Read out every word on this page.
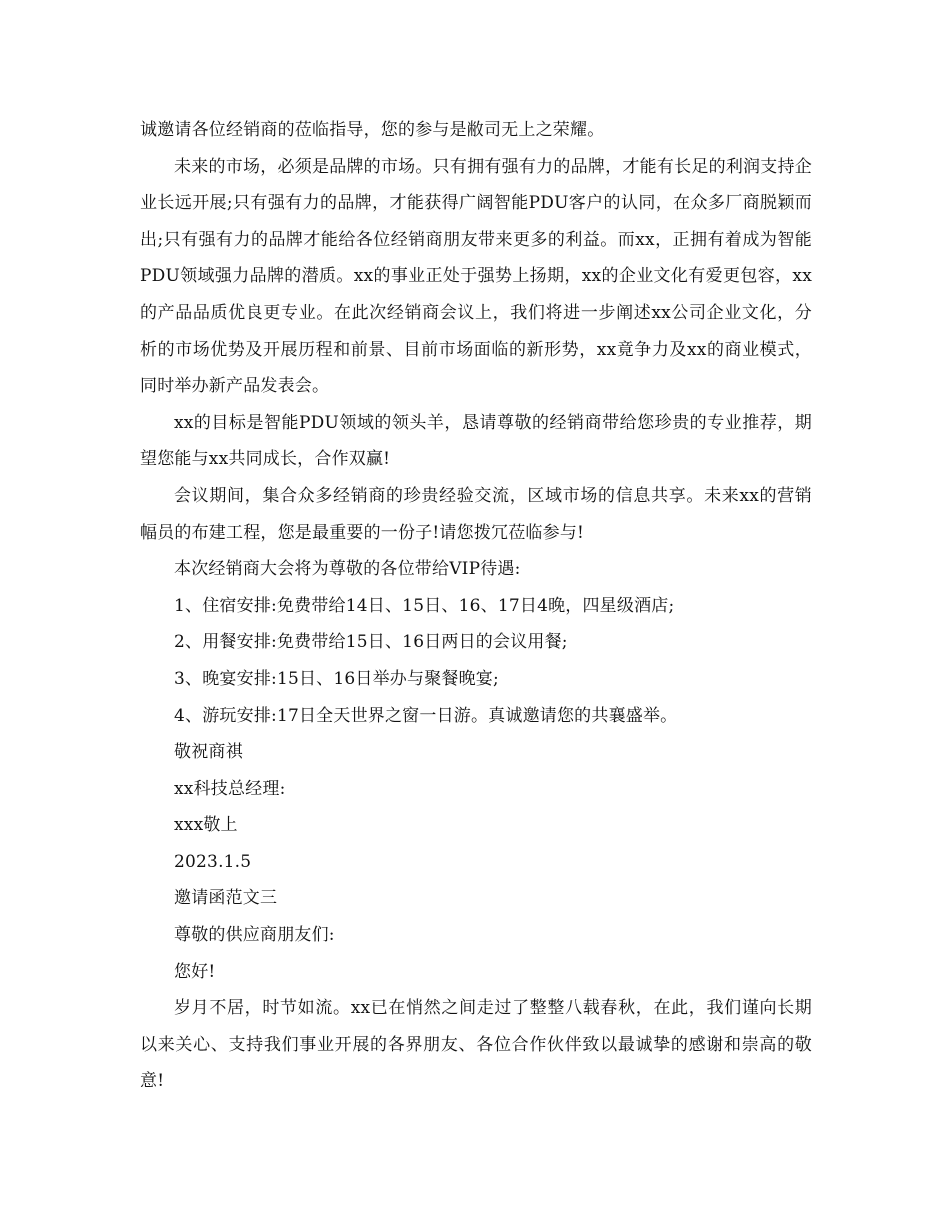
诚邀请各位经销商的莅临指导，您的参与是敝司无上之荣耀。

未来的市场，必须是品牌的市场。只有拥有强有力的品牌，才能有长足的利润支持企业长远开展;只有强有力的品牌，才能获得广阔智能PDU客户的认同，在众多厂商脱颖而出;只有强有力的品牌才能给各位经销商朋友带来更多的利益。而xx，正拥有着成为智能PDU领域强力品牌的潜质。xx的事业正处于强势上扬期，xx的企业文化有爱更包容，xx的产品品质优良更专业。在此次经销商会议上，我们将进一步阐述xx公司企业文化，分析的市场优势及开展历程和前景、目前市场面临的新形势，xx竟争力及xx的商业模式，同时举办新产品发表会。

xx的目标是智能PDU领域的领头羊，恳请尊敬的经销商带给您珍贵的专业推荐，期望您能与xx共同成长，合作双赢!

会议期间，集合众多经销商的珍贵经验交流，区域市场的信息共享。未来xx的营销幅员的布建工程，您是最重要的一份子!请您拨冗莅临参与!

本次经销商大会将为尊敬的各位带给VIP待遇:

1、住宿安排:免费带给14日、15日、16、17日4晚，四星级酒店;

2、用餐安排:免费带给15日、16日两日的会议用餐;

3、晚宴安排:15日、16日举办与聚餐晚宴;

4、游玩安排:17日全天世界之窗一日游。真诚邀请您的共襄盛举。

敬祝商祺

xx科技总经理:

xxx敬上

2023.1.5

邀请函范文三

尊敬的供应商朋友们:

您好!

岁月不居，时节如流。xx已在悄然之间走过了整整八载春秋，在此，我们谨向长期以来关心、支持我们事业开展的各界朋友、各位合作伙伴致以最诚挚的感谢和崇高的敬意!
